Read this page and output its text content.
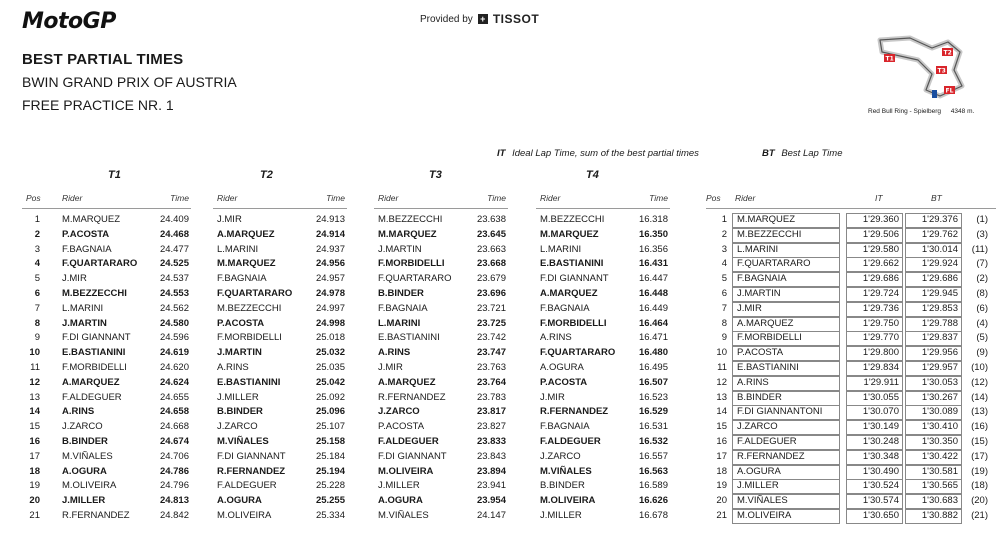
MotoGP	Provided by + TISSOT
BEST PARTIAL TIMES
BWIN GRAND PRIX OF AUSTRIA
FREE PRACTICE NR. 1
T1
T2
T3
FL
Red Bull Ring - Spielberg 4348 m.
IT Ideal Lap Time, sum of the best partial times	BT Best Lap Time
Pos
T1
Rider	Time
1 M.MARQUEZ	24.409
2 P.ACOSTA	24.468
3 F.BAGNAIA	24.477
4 F.QUARTARARO	24.525
5 J.MIR	24.537
6 M.BEZZECCHI	24.553
7 L.MARINI	24.562
8 J.MARTIN	24.580
9 F.DI GIANNANT	24.596
10 E.BASTIANINI	24.619
11 F.MORBIDELLI	24.620
12 A.MARQUEZ	24.624
13 F.ALDEGUER	24.655
14 A.RINS	24.658
15 J.ZARCO	24.668
16 B.BINDER	24.674
17 M.VIÑALES	24.706
18 A.OGURA	24.786
19 M.OLIVEIRA	24.796
20 J.MILLER	24.813
21 R.FERNANDEZ	24.842
T2
Rider	Time
J.MIR	24.913
A.MARQUEZ	24.914
L.MARINI	24.937
M.MARQUEZ	24.956
F.BAGNAIA	24.957
F.QUARTARARO	24.978
M.BEZZECCHI	24.997
P.ACOSTA	24.998
F.MORBIDELLI	25.018
J.MARTIN	25.032
A.RINS	25.035
E.BASTIANINI	25.042
J.MILLER	25.092
B.BINDER	25.096
J.ZARCO	25.107
M.VIÑALES	25.158
F.DI GIANNANT	25.184
R.FERNANDEZ	25.194
F.ALDEGUER	25.228
A.OGURA	25.255
M.OLIVEIRA	25.334
T3
Rider	Time
M.BEZZECCHI	23.638
M.MARQUEZ	23.645
J.MARTIN	23.663
F.MORBIDELLI	23.668
F.QUARTARARO	23.679
B.BINDER	23.696
F.BAGNAIA	23.721
L.MARINI	23.725
E.BASTIANINI	23.742
A.RINS	23.747
J.MIR	23.763
A.MARQUEZ	23.764
R.FERNANDEZ	23.783
J.ZARCO	23.817
P.ACOSTA	23.827
F.ALDEGUER	23.833
F.DI GIANNANT	23.843
M.OLIVEIRA	23.894
J.MILLER	23.941
A.OGURA	23.954
M.VIÑALES	24.147
T4
Rider	Time
M.BEZZECCHI	16.318
M.MARQUEZ	16.350
L.MARINI	16.356
E.BASTIANINI	16.431
F.DI GIANNANT	16.447
A.MARQUEZ	16.448
F.BAGNAIA	16.449
F.MORBIDELLI	16.464
A.RINS	16.471
F.QUARTARARO	16.480
A.OGURA	16.495
P.ACOSTA	16.507
J.MIR	16.523
R.FERNANDEZ	16.529
F.BAGNAIA	16.531
F.ALDEGUER	16.532
J.ZARCO	16.557
M.VIÑALES	16.563
B.BINDER	16.589
M.OLIVEIRA	16.626
J.MILLER	16.678
Pos Rider	IT	BT
1 M.MARQUEZ	1'29.360	1'29.376	(1)
2 M.BEZZECCHI	1'29.506	1'29.762	(3)
3 L.MARINI	1'29.580	1'30.014	(11)
4 F.QUARTARARO	1'29.662	1'29.924	(7)
5 F.BAGNAIA	1'29.686	1'29.686	(2)
6 J.MARTIN	1'29.724	1'29.945	(8)
7 J.MIR	1'29.736	1'29.853	(6)
8 A.MARQUEZ	1'29.750	1'29.788	(4)
9 F.MORBIDELLI	1'29.770	1'29.837	(5)
10 P.ACOSTA	1'29.800	1'29.956	(9)
11 E.BASTIANINI	1'29.834	1'29.957	(10)
12 A.RINS	1'29.911	1'30.053	(12)
13 B.BINDER	1'30.055	1'30.267	(14)
14 F.DI GIANNANTONI	1'30.070	1'30.089	(13)
15 J.ZARCO	1'30.149	1'30.410	(16)
16 F.ALDEGUER	1'30.248	1'30.350	(15)
17 R.FERNANDEZ	1'30.348	1'30.422	(17)
18 A.OGURA	1'30.490	1'30.581	(19)
19 J.MILLER	1'30.524	1'30.565	(18)
20 M.VIÑALES	1'30.574	1'30.683	(20)
21 M.OLIVEIRA	1'30.650	1'30.882	(21)
